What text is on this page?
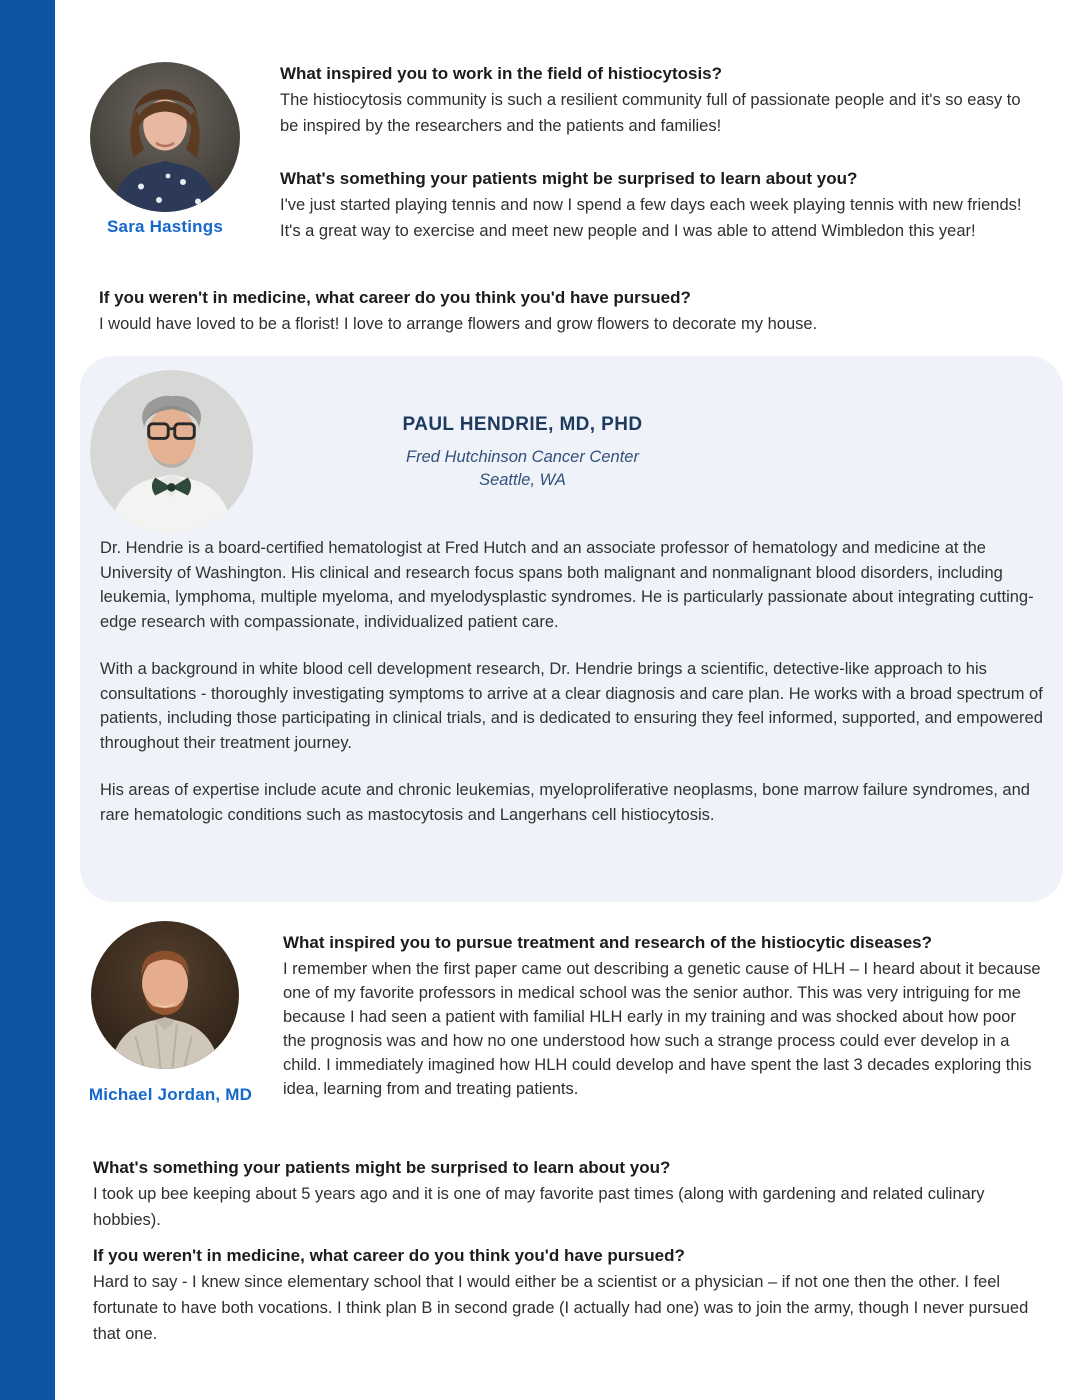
Sara Hastings
What inspired you to work in the field of histiocytosis?
The histiocytosis community is such a resilient community full of passionate people and it's so easy to be inspired by the researchers and the patients and families!
What's something your patients might be surprised to learn about you?
I've just started playing tennis and now I spend a few days each week playing tennis with new friends! It's a great way to exercise and meet new people and I was able to attend Wimbledon this year!
If you weren't in medicine, what career do you think you'd have pursued?
I would have loved to be a florist! I love to arrange flowers and grow flowers to decorate my house.
PAUL HENDRIE, MD, PHD
Fred Hutchinson Cancer Center
Seattle, WA

Dr. Hendrie is a board-certified hematologist at Fred Hutch and an associate professor of hematology and medicine at the University of Washington. His clinical and research focus spans both malignant and nonmalignant blood disorders, including leukemia, lymphoma, multiple myeloma, and myelodysplastic syndromes. He is particularly passionate about integrating cutting-edge research with compassionate, individualized patient care.

With a background in white blood cell development research, Dr. Hendrie brings a scientific, detective-like approach to his consultations - thoroughly investigating symptoms to arrive at a clear diagnosis and care plan. He works with a broad spectrum of patients, including those participating in clinical trials, and is dedicated to ensuring they feel informed, supported, and empowered throughout their treatment journey.

His areas of expertise include acute and chronic leukemias, myeloproliferative neoplasms, bone marrow failure syndromes, and rare hematologic conditions such as mastocytosis and Langerhans cell histiocytosis.

Michael Jordan, MD
What inspired you to pursue treatment and research of the histiocytic diseases?
I remember when the first paper came out describing a genetic cause of HLH – I heard about it because one of my favorite professors in medical school was the senior author. This was very intriguing for me because I had seen a patient with familial HLH early in my training and was shocked about how poor the prognosis was and how no one understood how such a strange process could ever develop in a child. I immediately imagined how HLH could develop and have spent the last 3 decades exploring this idea, learning from and treating patients.
What's something your patients might be surprised to learn about you?
I took up bee keeping about 5 years ago and it is one of may favorite past times (along with gardening and related culinary hobbies).
If you weren't in medicine, what career do you think you'd have pursued?
Hard to say - I knew since elementary school that I would either be a scientist or a physician – if not one then the other. I feel fortunate to have both vocations. I think plan B in second grade (I actually had one) was to join the army, though I never pursued that one.
